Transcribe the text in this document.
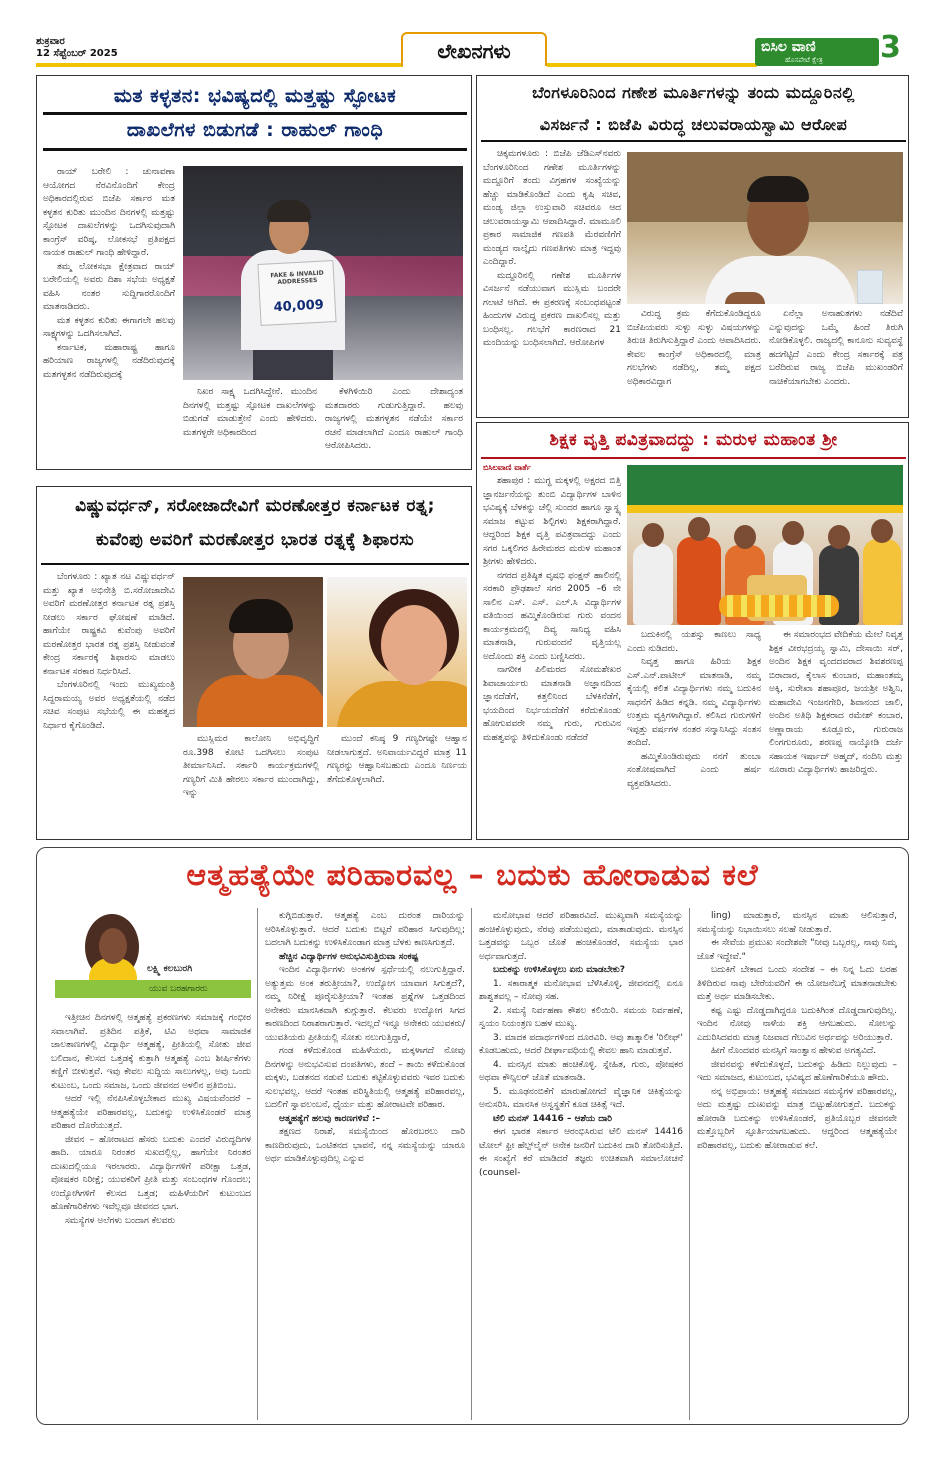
ಶುಕ್ರವಾರ
12 ಸೆಪ್ಟೆಂಬರ್ 2025	ಲೇಖನಗಳು	ಬಿಸಿಲ ವಾಣಿ
ಹೊಸಪೇಟೆ ಕ್ಷೇತ್ರ 3
ಮತ ಕಳ್ಳತನ: ಭವಿಷ್ಯದಲ್ಲಿ ಮತ್ತಷ್ಟು ಸ್ಫೋಟಕ
ದಾಖಲೆಗಳ ಬಿಡುಗಡೆ : ರಾಹುಲ್ ಗಾಂಧಿ

ರಾಯ್ ಬರೇಲಿ : ಚುನಾವಣಾ ಆಯೋಗದ ನೆರವಿನೊಂದಿಗೆ ಕೇಂದ್ರ ಅಧಿಕಾರದಲ್ಲಿರುವ ಬಿಜೆಪಿ ಸರ್ಕಾರ ಮತ ಕಳ್ಳತನ ಕುರಿತು ಮುಂದಿನ ದಿನಗಳಲ್ಲಿ ಮತ್ತಷ್ಟು ಸ್ಫೋಟಕ ದಾಖಲೆಗಳನ್ನು ಒದಗಿಸುವುದಾಗಿ ಕಾಂಗ್ರೆಸ್ ವರಿಷ್ಠ, ಲೋಕಸಭೆ ಪ್ರತಿಪಕ್ಷದ ನಾಯಕ ರಾಹುಲ್ ಗಾಂಧಿ ಹೇಳಿದ್ದಾರೆ.

ತಮ್ಮ ಲೋಕಸಭಾ ಕ್ಷೇತ್ರವಾದ ರಾಯ್ ಬರೇಲಿಯಲ್ಲಿ ಅವರು ದಿಶಾ ಸಭೆಯ ಅಧ್ಯಕ್ಷತೆ ವಹಿಸಿ ನಂತರ ಸುದ್ದಿಗಾರರೊಂದಿಗೆ ಮಾತನಾಡಿದರು.

ಮತ ಕಳ್ಳತನ ಕುರಿತು ಈಗಾಗಲೇ ಹಲವು ಸಾಕ್ಷ್ಯಗಳನ್ನು ಒದಗಿಸಲಾಗಿದೆ.

ಕರ್ನಾಟಕ, ಮಹಾರಾಷ್ಟ್ರ ಹಾಗೂ ಹರಿಯಾಣ ರಾಜ್ಯಗಳಲ್ಲಿ ನಡೆದಿರುವುದಕ್ಕೆ ಮತಗಳ್ಳತನ ನಡೆದಿರುವುದಕ್ಕೆ

FAKE & INVALID ADDRESSES
40,009

ನಿಖರ ಸಾಕ್ಷ್ಯ ಒದಗಿಸಿದ್ದೇನೆ. ಮುಂದಿನ ದಿನಗಳಲ್ಲಿ ಮತ್ತಷ್ಟು ಸ್ಫೋಟಕ ದಾಖಲೆಗಳನ್ನು ಬಿಡುಗಡೆ ಮಾಡುತ್ತೇನೆ ಎಂದು ಹೇಳಿದರು. ಮತಗಳ್ಳರೇ ಅಧಿಕಾರದಿಂದ

ಕೆಳಗಿಳಿಯಿರಿ ಎಂದು ದೇಶಾದ್ಯಂತ ಮತದಾರರು ಗುಡುಗುತ್ತಿದ್ದಾರೆ. ಹಲವು ರಾಜ್ಯಗಳಲ್ಲಿ ಮತಗಳ್ಳತನ ನಡೆಯೇ ಸರ್ಕಾರ ರಚನೆ ಮಾಡಲಾಗಿದೆ ಎಂದೂ ರಾಹುಲ್ ಗಾಂಧಿ ಆರೋಪಿಸಿದರು.

ಬೆಂಗಳೂರಿನಿಂದ ಗಣೇಶ ಮೂರ್ತಿಗಳನ್ನು ತಂದು ಮದ್ದೂರಿನಲ್ಲಿ
ವಿಸರ್ಜನೆ : ಬಿಜೆಪಿ ವಿರುದ್ಧ ಚಲುವರಾಯಸ್ವಾಮಿ ಆರೋಪ

ಚಿಕ್ಕಮಗಳೂರು : ಬಿಜೆಪಿ ಜೆಡಿಎಸ್‌ನವರು ಬೆಂಗಳೂರಿನಿಂದ ಗಣೇಶ ಮೂರ್ತಿಗಳನ್ನು ಮದ್ದೂರಿಗೆ ತಂದು ವಿಗ್ರಹಗಳ ಸಂಖ್ಯೆಯನ್ನು ಹೆಚ್ಚು ಮಾಡಿಕೊಂಡಿದೆ ಎಂದು ಕೃಷಿ ಸಚಿವ, ಮಂಡ್ಯ ಜಿಲ್ಲಾ ಉಸ್ತುವಾರಿ ಸಚಿವರೂ ಆದ ಚಲುವರಾಯಸ್ವಾಮಿ ಆಪಾದಿಸಿದ್ದಾರೆ. ಮಾಮೂಲಿ ಪ್ರಕಾರ ಸಾಮಾಜಿಕ ಗಣಪತಿ ಮೆರವಣಿಗೆಗೆ ಮಂಡ್ಯದ ನಾಲ್ಕೈದು ಗಣಪತಿಗಳು ಮಾತ್ರ ಇದ್ದವು ಎಂದಿದ್ದಾರೆ.

ಮದ್ದೂರಿನಲ್ಲಿ ಗಣೇಶ ಮೂರ್ತಿಗಳ ವಿಸರ್ಜನೆ ನಡೆಯುವಾಗ ಮುಸ್ಲಿಮ ಬಂದರೇ ಗಲಾಟೆ ಆಗಿದೆ. ಈ ಪ್ರಕರಣಕ್ಕೆ ಸಂಬಂಧಪಟ್ಟಂತೆ ಹಿಂದುಗಳ ವಿರುದ್ಧ ಪ್ರಕರಣ ದಾಖಲಿಸಲ್ಲ ಮತ್ತು ಬಂಧಿಸಲ್ಲ. ಗಲಭೆಗೆ ಕಾರಣರಾದ 21 ಮಂದಿಯನ್ನು ಬಂಧಿಸಲಾಗಿದೆ. ಆರೋಪಿಗಳ

ವಿರುದ್ಧ ಕ್ರಮ ಕೆಗೆದುಕೊಂಡಿದ್ದರೂ ಬಿಜೆಪಿಯವರು ಸುಳ್ಳು ಸುಳ್ಳು ವಿಷಯಗಳನ್ನು ತಿರುಚಿ ತಿರುಗಿಸುತ್ತಿದ್ದಾರೆ ಎಂದು ಆಪಾದಿಸಿದರು. ಕೇವಲ ಕಾಂಗ್ರೆಸ್ ಅಧಿಕಾರದಲ್ಲಿ ಮಾತ್ರ ಗಲಭೆಗಳು ನಡೆದಿಲ್ಲ, ತಮ್ಮ ಪಕ್ಷದ ಅಧಿಕಾರವಿದ್ದಾಗ

ಏನೆಲ್ಲಾ ಅನಾಹುತಗಳು ನಡೆದಿವೆ ಎನ್ನುವುದನ್ನು ಒಮ್ಮೆ ಹಿಂದೆ ತಿರುಗಿ ನೋಡಿಕೊಳ್ಳಲಿ. ರಾಜ್ಯದಲ್ಲಿ ಕಾನೂನು ಸುವ್ಯವಸ್ಥೆ ಹದಗೆಟ್ಟಿದೆ ಎಂದು ಕೇಂದ್ರ ಸರ್ಕಾರಕ್ಕೆ ಪತ್ರ ಬರೆದಿರುವ ರಾಜ್ಯ ಬಿಜೆಪಿ ಮುಖಂಡರಿಗೆ ನಾಚಿಕೆಯಾಗಬೇಕು ಎಂದರು.

ಶಿಕ್ಷಕ ವೃತ್ತಿ ಪವಿತ್ರವಾದದ್ದು : ಮರುಳ ಮಹಾಂತ ಶ್ರೀ
ಬಿಸಿಲವಾಣಿ ವಾರ್ತೆ

ಶಹಾಪುರ : ಮುಗ್ಧ ಮಕ್ಕಳಲ್ಲಿ ಅಕ್ಷರದ ಬಿತ್ತಿ ಜ್ಞಾನರ್ಜನೆಯನ್ನು ತುಂಬಿ ವಿದ್ಯಾರ್ಥಿಗಳ ಬಾಳಿನ ಭವಿಷ್ಯಕ್ಕೆ ಬೆಳಕನ್ನು ಚೆಲ್ಲಿ ಸುಂದರ ಹಾಗೂ ಸ್ವಾಸ್ಥ್ಯ ಸಮಾಜ ಕಟ್ಟುವ ಶಿಲ್ಪಿಗಳು ಶಿಕ್ಷಕರಾಗಿದ್ದಾರೆ. ಆದ್ದರಿಂದ ಶಿಕ್ಷಕ ವೃತ್ತಿ ಪವಿತ್ರವಾದದ್ದು ಎಂದು ಸಗರ ಒಕ್ಕಲಿಗರ ಹಿರೇಮಠದ ಮರುಳ ಮಹಾಂತ ಶ್ರೀಗಳು ಹೇಳಿದರು.

ನಗರದ ಪ್ರತಿಷ್ಠಿತ ವೃಷಭಿ ಫಂಕ್ಷನ್ ಹಾಲಿನಲ್ಲಿ ಸರಕಾರಿ ಪ್ರೌಢಶಾಲೆ ಸಗರ 2005 –6 ನೇ ಸಾಲಿನ ಎಸ್. ಎಸ್. ಎಲ್.ಸಿ ವಿದ್ಯಾರ್ಥಿಗಳ ವತಿಯಿಂದ ಹಮ್ಮಿಕೊಂಡಿರುವ ಗುರು ವಂದನ ಕಾರ್ಯಕ್ರಮದಲ್ಲಿ ದಿವ್ಯ ಸಾನಿಧ್ಯ ವಹಿಸಿ ಮಾತನಾಡಿ, ಗುರುವಂದನೆ ವೃತ್ತಿಯಲ್ಲ ಅದೊಂದು ಶಕ್ತಿ ಎಂದು ಬಣ್ಣಿಸಿದರು.

ನಾಗರೀಕ ಪಿಲಿಮರದ ಸೋಮಶೇಖರ ಶಿವಾಚಾರ್ಯರು ಮಾತನಾಡಿ ಅಜ್ಞಾನದಿಂದ ಜ್ಞಾನದೆಡೆಗೆ, ಕತ್ತಲಿನಿಂದ ಬೆಳಕಿನೆಡೆಗೆ, ಭಯದಿಂದ ನಿರ್ಭಯದೆಡೆಗೆ ಕರೆದುಕೊಂಡು ಹೋಗುವವರೇ ನಮ್ಮ ಗುರು, ಗುರುವಿನ ಮಹತ್ವವನ್ನು ತಿಳಿದುಕೊಂಡು ನಡೆದರೆ

ಬದುಕಿನಲ್ಲಿ ಯಶಸ್ಸು ಕಾಣಲು ಸಾಧ್ಯ ಎಂದು ನುಡಿದರು.

ನಿವೃತ್ತ ಹಾಗೂ ಹಿರಿಯ ಶಿಕ್ಷಕ ಎಸ್.ಎನ್.ಪಾಟೀಲ್ ಮಾತನಾಡಿ, ನಮ್ಮ ಕೈಯಲ್ಲಿ ಕಲಿತ ವಿದ್ಯಾರ್ಥಿಗಳು ನಮ್ಮ ಬದುಕಿನ ಸಾಧನೆಗೆ ಹಿಡಿದ ಕನ್ನಡಿ. ನಮ್ಮ ವಿದ್ಯಾರ್ಥಿಗಳು ಉತ್ತಮ ವ್ಯಕ್ತಿಗಳಾಗಿದ್ದಾರೆ. ಕಲಿಸಿದ ಗುರುಗಳಿಗೆ ಇಪ್ಪತ್ತು ವರ್ಷಗಳ ನಂತರ ಸನ್ಮಾನಿಸಿದ್ದು ಸಂತಸ ತಂದಿದೆ.

ಹಮ್ಮಿಕೊಂಡಿರುವುದು ನನಗೆ ತುಂಬಾ ಸಂತೋಷವಾಗಿದೆ ಎಂದು ಹರ್ಷ ವ್ಯಕ್ತಪಡಿಸಿದರು.

ಈ ಸಮಾರಂಭದ ವೇದಿಕೆಯ ಮೇಲೆ ನಿವೃತ್ತ ಶಿಕ್ಷಕ ವೀರಭದ್ರಯ್ಯ ಸ್ವಾಮಿ, ದೇಸಾಯಿ ಸರ್, ಅಂದಿನ ಶಿಕ್ಷಕ ವೃಂದದವರಾದ ಶಿವಶರಣಪ್ಪ ಬಿರಾದಾರ, ಕೈಲಾಸ ಕುಂಬಾರ, ಮಹಾಂತಮ್ಮ ಅಕ್ಕಿ, ಸುರೇಖಾ ಶಹಾಪೂರ, ಜಯಶ್ರೀ ಅಶ್ವಿನಿ, ಮಹಾದೇವಿ ಇಂಜನಗೇರಿ, ಶಿವಾನಂದ ಜಾಲಿ, ಅಂದಿನ ಅತಿಥಿ ಶಿಕ್ಷಕರಾದ ರಮೇಶ್ ಕಂಬಾರ, ಅಣ್ಣಾರಾಯ ಕೂಡ್ಲೂರು, ಗುರುರಾಜ ಲಿಂಗಗುರೂರು, ಶರಣಪ್ಪ ನಾಯ್ಕೋಡಿ ದರ್ಜೆ ಸಹಾಯಕ ಇರ್ಷಾದ್ ಅಹ್ಮದ್, ನಂದಿನಿ ಮತ್ತು ನೂರಾರು ವಿದ್ಯಾರ್ಥಿಗಳು ಹಾಜರಿದ್ದರು.

ವಿಷ್ಣುವರ್ಧನ್, ಸರೋಜಾದೇವಿಗೆ ಮರಣೋತ್ತರ ಕರ್ನಾಟಕ ರತ್ನ;
ಕುವೆಂಪು ಅವರಿಗೆ ಮರಣೋತ್ತರ ಭಾರತ ರತ್ನಕ್ಕೆ ಶಿಫಾರಸು

ಬೆಂಗಳೂರು : ಖ್ಯಾತ ನಟ ವಿಷ್ಣುವರ್ಧನ್ ಮತ್ತು ಖ್ಯಾತ ಅಭಿನೇತ್ರಿ ಬಿ.ಸರೋಜಾದೇವಿ ಅವರಿಗೆ ಮರಣೋತ್ತರ ಕರ್ನಾಟಕ ರತ್ನ ಪ್ರಶಸ್ತಿ ನೀಡಲು ಸರ್ಕಾರ ಘೋಷಣೆ ಮಾಡಿದೆ. ಹಾಗೆಯೇ ರಾಷ್ಟ್ರಕವಿ ಕುವೆಂಪು ಅವರಿಗೆ ಮರಣೋತ್ತರ ಭಾರತ ರತ್ನ ಪ್ರಶಸ್ತಿ ನೀಡುವಂತೆ ಕೇಂದ್ರ ಸರ್ಕಾರಕ್ಕೆ ಶಿಫಾರಸು ಮಾಡಲು ಕರ್ನಾಟಕ ಸರಕಾರ ನಿರ್ಧರಿಸಿದೆ.

ಬೆಂಗಳೂರಿನಲ್ಲಿ ಇಂದು ಮುಖ್ಯಮಂತ್ರಿ ಸಿದ್ದರಾಮಯ್ಯ ಅವರ ಅಧ್ಯಕ್ಷತೆಯಲ್ಲಿ ನಡೆದ ಸಚಿವ ಸಂಪುಟ ಸಭೆಯಲ್ಲಿ ಈ ಮಹತ್ವದ ನಿರ್ಧಾರ ಕೈಗೊಂಡಿದೆ.

ಮುಸ್ಲಿಮರ ಕಾಲೋನಿ ಅಭಿವೃದ್ಧಿಗೆ ರೂ.398 ಕೋಟಿ ಒದಗಿಸಲು ಸಂಪುಟ ತೀರ್ಮಾನಿಸಿದೆ. ಸರ್ಕಾರಿ ಕಾರ್ಯಕ್ರಮಗಳಲ್ಲಿ ಗಣ್ಯರಿಗೆ ಮಿತಿ ಹೇರಲು ಸರ್ಕಾರ ಮುಂದಾಗಿದ್ದು, ಇನ್ನು

ಮುಂದೆ ಕನಿಷ್ಠ 9 ಗಣ್ಯರಿಗಷ್ಟೇ ಆಹ್ವಾನ ನೀಡಲಾಗುತ್ತದೆ. ಅನಿವಾರ್ಯವಿದ್ದರೆ ಮಾತ್ರ 11 ಗಣ್ಯರನ್ನು ಆಹ್ವಾನಿಸಬಹುದು ಎಂದೂ ನಿರ್ಣಯ ತೆಗೆದುಕೊಳ್ಳಲಾಗಿದೆ.

ಆತ್ಮಹತ್ಯೆಯೇ ಪರಿಹಾರವಲ್ಲ – ಬದುಕು ಹೋರಾಡುವ ಕಲೆ
ಲಕ್ಷ್ಮಿ ಕಲಬುರಗಿ
ಯುವ ಬರಹಗಾರರು

ಇತ್ತೀಚಿನ ದಿನಗಳಲ್ಲಿ ಆತ್ಮಹತ್ಯೆ ಪ್ರಕರಣಗಳು ಸಮಾಜಕ್ಕೆ ಗಂಭೀರ ಸವಾಲಾಗಿವೆ. ಪ್ರತಿದಿನ ಪತ್ರಿಕೆ, ಟಿವಿ ಅಥವಾ ಸಾಮಾಜಿಕ ಜಾಲತಾಣಗಳಲ್ಲಿ ವಿದ್ಯಾರ್ಥಿ ಆತ್ಮಹತ್ಯೆ, ಪ್ರೀತಿಯಲ್ಲಿ ಸೋತು ಜೀವ ಬಲಿದಾನ, ಕೆಲಸದ ಒತ್ತಡಕ್ಕೆ ಕುತ್ತಾಗಿ ಆತ್ಮಹತ್ಯೆ ಎಂಬ ಶೀರ್ಷಿಕೆಗಳು ಕಣ್ಣಿಗೆ ಬೀಳುತ್ತವೆ. ಇವು ಕೇವಲ ಸುದ್ದಿಯ ಸಾಲುಗಳಲ್ಲ, ಅವು ಒಂದು ಕುಟುಂಬ, ಒಂದು ಸಮಾಜ, ಒಂದು ಜೀವನದ ಅಳಲಿನ ಪ್ರತಿಬಿಂಬ.

ಆದರೆ ಇಲ್ಲಿ ನೆನಪಿಸಿಕೊಳ್ಳಬೇಕಾದ ಮುಖ್ಯ ವಿಷಯವೆಂದರೆ – ಆತ್ಮಹತ್ಯೆಯೇ ಪರಿಹಾರವಲ್ಲ, ಬದುಕನ್ನು ಉಳಿಸಿಕೊಂಡರೆ ಮಾತ್ರ ಪರಿಹಾರ ದೊರೆಯುತ್ತದೆ.

ಜೀವನ – ಹೋರಾಟದ ಹೆಸರು ಬದುಕು ಎಂದರೆ ವಿರುದ್ಧದಿಗಳ ಹಾದಿ. ಯಾರೂ ನಿರಂತರ ಸುಖದಲ್ಲಿಲ್ಲ, ಹಾಗೆಯೇ ನಿರಂತರ ದುಃಖದಲ್ಲಿಯೂ ಇರಲಾರರು. ವಿದ್ಯಾರ್ಥಿಗಳಿಗೆ ಪರೀಕ್ಷಾ ಒತ್ತಡ, ಪೋಷಕರ ನಿರೀಕ್ಷೆ; ಯುವಕರಿಗೆ ಪ್ರೀತಿ ಮತ್ತು ಸಂಬಂಧಗಳ ಗೊಂದಲ; ಉದ್ಯೋಗಿಗಳಿಗೆ ಕೆಲಸದ ಒತ್ತಡ; ಮಹಿಳೆಯರಿಗೆ ಕುಟುಂಬದ ಹೊಣೆಗಾರಿಕೆಗಳು ಇವೆಲ್ಲವೂ ಜೀವನದ ಭಾಗ.

ಸಮಸ್ಯೆಗಳ ಅಲೆಗಳು ಬಂದಾಗ ಕೆಲವರು

ಕುಗ್ಗಿಬಿಡುತ್ತಾರೆ. ಆತ್ಮಹತ್ಯೆ ಎಂಬ ದುರಂತ ದಾರಿಯನ್ನು ಆರಿಸಿಕೊಳ್ಳುತ್ತಾರೆ. ಆದರೆ ಬದುಕು ಬಿಟ್ಟರೆ ಪರಿಹಾರ ಸಿಗುವುದಿಲ್ಲ; ಬದಲಾಗಿ ಬದುಕನ್ನು ಉಳಿಸಿಕೊಂಡಾಗ ಮಾತ್ರ ಬೆಳಕು ಕಾಣಸಿಗುತ್ತದೆ.

ಹೆಚ್ಚಿನ ವಿದ್ಯಾರ್ಥಿಗಳ ಅನುಭವಿಸುತ್ತಿರುವಾ ಸಂಕಷ್ಟ

ಇಂದಿನ ವಿದ್ಯಾರ್ಥಿಗಳು ಅಂಕಗಳ ಸ್ಪರ್ಧೆಯಲ್ಲಿ ನಲುಗುತ್ತಿದ್ದಾರೆ. ಅತ್ಯುತ್ತಮ ಅಂಕ ತರುತ್ತೀಯಾ?, ಉದ್ಯೋಗ ಯಾವಾಗ ಸಿಗುತ್ತದೆ?, ನಮ್ಮ ನಿರೀಕ್ಷೆ ಪೂರೈಸುತ್ತೀಯಾ? ಇಂತಹ ಪ್ರಶ್ನೆಗಳ ಒತ್ತಡದಿಂದ ಅನೇಕರು ಮಾನಸಿಕವಾಗಿ ಕುಗ್ಗುತ್ತಾರೆ. ಕೆಲವರು ಉದ್ಯೋಗ ಸಿಗದ ಕಾರಣದಿಂದ ನಿರಾಶರಾಗುತ್ತಾರೆ. ಇದಲ್ಲದೆ ಇನ್ನೂ ಅನೇಕರು ಯುವಕರು/ಯುವತಿಯರು ಪ್ರೀತಿಯಲ್ಲಿ ಸೋತು ನಲುಗುತ್ತಿದ್ದಾರೆ,

ಗಂಡ ಕಳೆದುಕೊಂಡ ಮಹಿಳೆಯರು, ಮಕ್ಕಳಾಗದೆ ನೋವು ದಿನಗಳನ್ನು ಅನುಭವಿಸುವ ದಂಪತಿಗಳು, ತಂದೆ – ತಾಯಿ ಕಳೆದುಕೊಂಡ ಮಕ್ಕಳು, ಬಡತನದ ನಡುವೆ ಬದುಕು ಕಟ್ಟಿಕೊಳ್ಳುವವರು ಇವರ ಬದುಕು ಸುಲಭವಲ್ಲ. ಆದರೆ ಇಂತಹ ಪರಿಸ್ಥಿತಿಯಲ್ಲಿ ಆತ್ಮಹತ್ಯೆ ಪರಿಹಾರವಲ್ಲ, ಬದಲಿಗೆ ಸ್ವಾವಲಂಬನೆ, ಧೈರ್ಯ ಮತ್ತು ಹೋರಾಟವೇ ಪರಿಹಾರ.

ಆತ್ಮಹತ್ಯೆಗೆ ಹಲವು ಕಾರಣಗಳಿವೆ :–

ತಕ್ಷಣದ ನಿರಾಶೆ, ಸಮಸ್ಯೆಯಿಂದ ಹೊರಬರಲು ದಾರಿ ಕಾಣದಿರುವುದು, ಒಂಟಿತನದ ಭಾವನೆ, ನನ್ನ ಸಮಸ್ಯೆಯನ್ನು ಯಾರೂ ಅರ್ಥ ಮಾಡಿಕೊಳ್ಳುವುದಿಲ್ಲ ಎನ್ನುವ

ಮನೋಭಾವ ಆದರೆ ಪರಿಹಾರವಿದೆ. ಮುಖ್ಯವಾಗಿ ಸಮಸ್ಯೆಯನ್ನು ಹಂಚಿಕೊಳ್ಳುವುದು, ನೆರವು ಪಡೆಯುವುದು, ಮಾತಾಡುವುದು. ಮನಸ್ಸಿನ ಒತ್ತಡವನ್ನು ಒಬ್ಬರ ಜೊತೆ ಹಂಚಿಕೊಂಡರೆ, ಸಮಸ್ಯೆಯ ಭಾರ ಅರ್ಧವಾಗುತ್ತದೆ.

ಬದುಕನ್ನು ಉಳಿಸಿಕೊಳ್ಳಲು ಏನು ಮಾಡಬೇಕು?

1. ಸಕಾರಾತ್ಮಕ ಮನೋಭಾವ ಬೆಳೆಸಿಕೊಳ್ಳಿ, ಜೀವನದಲ್ಲಿ ಏನೂ ಶಾಶ್ವತವಲ್ಲ – ನೋವು ಸಹ.

2. ಸಮಸ್ಯೆ ನಿರ್ವಹಣಾ ಕೌಶಲ ಕಲಿಯಿರಿ. ಸಮಯ ನಿರ್ವಹಣೆ, ಸ್ವಯಂ ನಿಯಂತ್ರಣ ಬಹಳ ಮುಖ್ಯ.

3. ಮಾದಕ ಪದಾರ್ಥಗಳಿಂದ ದೂರವಿರಿ. ಅವು ತಾತ್ಕಾಲಿಕ 'ರಿಲೀಫ್' ಕೊಡಬಹುದು, ಆದರೆ ದೀರ್ಘಾವಧಿಯಲ್ಲಿ ಕೇವಲ ಹಾನಿ ಮಾಡುತ್ತವೆ.

4. ಮನಸ್ಸಿನ ಮಾತು ಹಂಚಿಕೊಳ್ಳಿ. ಸ್ನೇಹಿತ, ಗುರು, ಪೋಷಕರ ಅಥವಾ ಕೌನ್ಸಿಲರ್ ಜೊತೆ ಮಾತನಾಡಿ.

5. ಮೂಢನಂಬಿಕೆಗೆ ಮಾರುಹೋಗದೆ ವೈಜ್ಞಾನಿಕ ಚಿಕಿತ್ಸೆಯನ್ನು ಅನುಸರಿಸಿ. ಮಾನಸಿಕ ಅಸ್ವಸ್ಥತೆಗೆ ಕೂಡ ಚಿಕಿತ್ಸೆ ಇದೆ.

ಟೆಲಿ ಮನಸ್ 14416 – ಆಶೆಯ ದಾರಿ

ಈಗ ಭಾರತ ಸರ್ಕಾರ ಆರಂಭಿಸಿರುವ ಟೆಲಿ ಮನಸ್ 14416 ಟೋಲ್ ಫ್ರೀ ಹೆಲ್ಪ್‌ಲೈನ್ ಅನೇಕ ಜನರಿಗೆ ಬದುಕಿನ ದಾರಿ ತೋರಿಸುತ್ತಿದೆ. ಈ ಸಂಖ್ಯೆಗೆ ಕರೆ ಮಾಡಿದರೆ ತಜ್ಞರು ಉಚಿತವಾಗಿ ಸಮಾಲೋಚನೆ (counsel-

ling) ಮಾಡುತ್ತಾರೆ, ಮನಸ್ಸಿನ ಮಾತು ಆಲಿಸುತ್ತಾರೆ, ಸಮಸ್ಯೆಯನ್ನು ನಿಭಾಯಿಸಲು ಸಲಹೆ ನೀಡುತ್ತಾರೆ.

ಈ ಸೇವೆಯ ಪ್ರಮುಖ ಸಂದೇಶವೇ "ನೀವು ಒಬ್ಬರಲ್ಲ, ನಾವು ನಿಮ್ಮ ಜೊತೆ ಇದ್ದೇವೆ."

ಬದುಕಿಗೆ ಬೇಕಾದ ಒಂದು ಸಂದೇಶ – ಈ ನಿನ್ನ ಓದು ಬರಹ ತಿಳಿದಿರುವ ನಾವು ಬೇರೆಯವರಿಗೆ ಈ ಯೋಜನೆಬಗ್ಗೆ ಮಾತನಾಡಬೇಕು ಮತ್ತೆ ಅರ್ಥ ಮಾಡಿಸಬೇಕು.

ಕಷ್ಟ ಎಷ್ಟು ದೊಡ್ಡದಾಗಿದ್ದರೂ ಬದುಕಿಗಿಂತ ದೊಡ್ಡದಾಗುವುದಿಲ್ಲ. ಇಂದಿನ ನೋವು ನಾಳೆಯ ಶಕ್ತಿ ಆಗಬಹುದು. ಸೋಲನ್ನು ಎದುರಿಸಿದವರು ಮಾತ್ರ ನಿಜವಾದ ಗೆಲುವಿನ ಅರ್ಥವನ್ನು ಅರಿಯುತ್ತಾರೆ.

ಹೀಗೆ ನೊಂದವರ ಮನಸ್ಸಿಗೆ ಸಾಂತ್ವಾನ ಹೇಳುವ ಅಗತ್ಯವಿದೆ.

ಜೀವನವನ್ನು ಕಳೆದುಕೊಳ್ಳದೆ, ಬದುಕನ್ನು ಹಿಡಿದು ನಿಲ್ಲುವುದು – ಇದು ಸಮಾಜದ, ಕುಟುಂಬದ, ಭವಿಷ್ಯದ ಹೊಣೆಗಾರಿಕೆಯೂ ಹೌದು.

ನನ್ನ ಅಭಿಪ್ರಾಯ: ಆತ್ಮಹತ್ಯೆ ಸಮಾಜದ ಸಮಸ್ಯೆಗಳ ಪರಿಹಾರವಲ್ಲ, ಅದು ಮತ್ತಷ್ಟು ದುಃಖವನ್ನು ಮಾತ್ರ ಬಿಟ್ಟುಹೋಗುತ್ತದೆ. ಬದುಕನ್ನು ಹೋರಾಡಿ ಬದುಕನ್ನು ಉಳಿಸಿಕೊಂಡರೆ, ಪ್ರತಿಯೊಬ್ಬರ ಜೀವನವೇ ಮತ್ತೊಬ್ಬರಿಗೆ ಸ್ಫೂರ್ತಿಯಾಗಬಹುದು. ಆದ್ದರಿಂದ ಆತ್ಮಹತ್ಯೆಯೇ ಪರಿಹಾರವಲ್ಲ, ಬದುಕು ಹೋರಾಡುವ ಕಲೆ.
